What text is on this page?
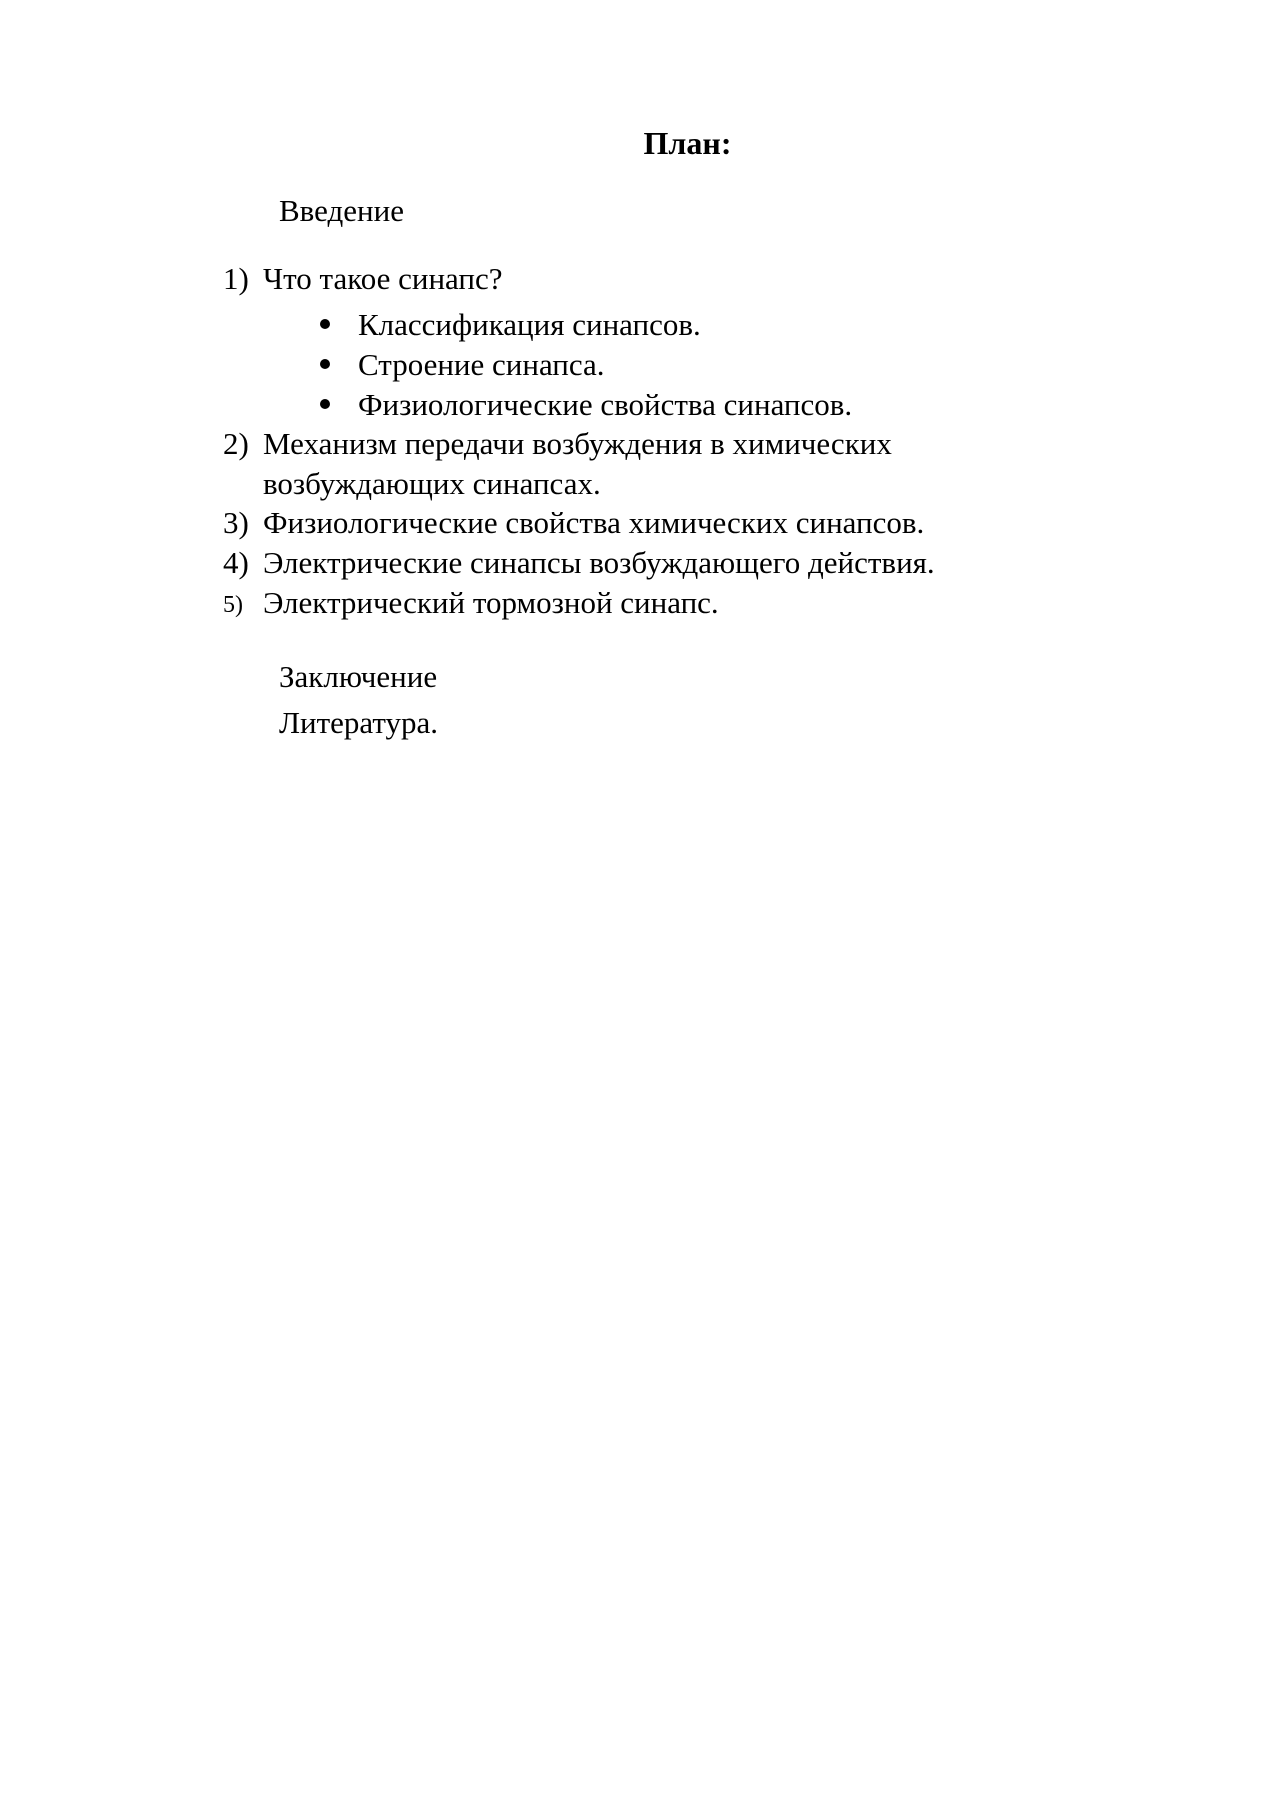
План:
Введение
1) Что такое синапс?
Классификация синапсов.
Строение синапса.
Физиологические свойства синапсов.
2) Механизм передачи возбуждения в химических
возбуждающих синапсах.
3) Физиологические свойства химических синапсов.
4) Электрические синапсы возбуждающего действия.
5) Электрический тормозной синапс.
Заключение
Литература.
